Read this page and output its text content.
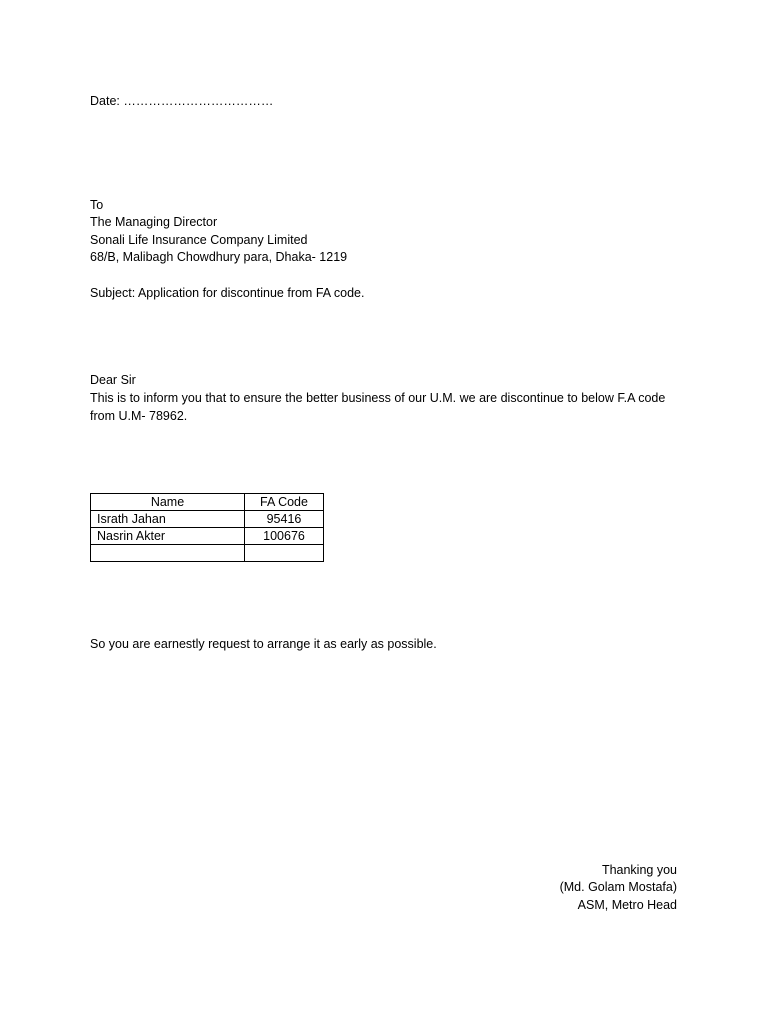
Date: ………………………………
To
The Managing Director
Sonali Life Insurance Company Limited
68/B, Malibagh Chowdhury para, Dhaka- 1219
Subject: Application for discontinue from FA code.
Dear Sir
This is to inform you that to ensure the better business of our U.M. we are discontinue to below F.A code from U.M- 78962.
Name	FA Code
Israth Jahan	95416
Nasrin Akter	100676

So you are earnestly request to arrange it as early as possible.
Thanking you
(Md. Golam Mostafa)
ASM, Metro Head
